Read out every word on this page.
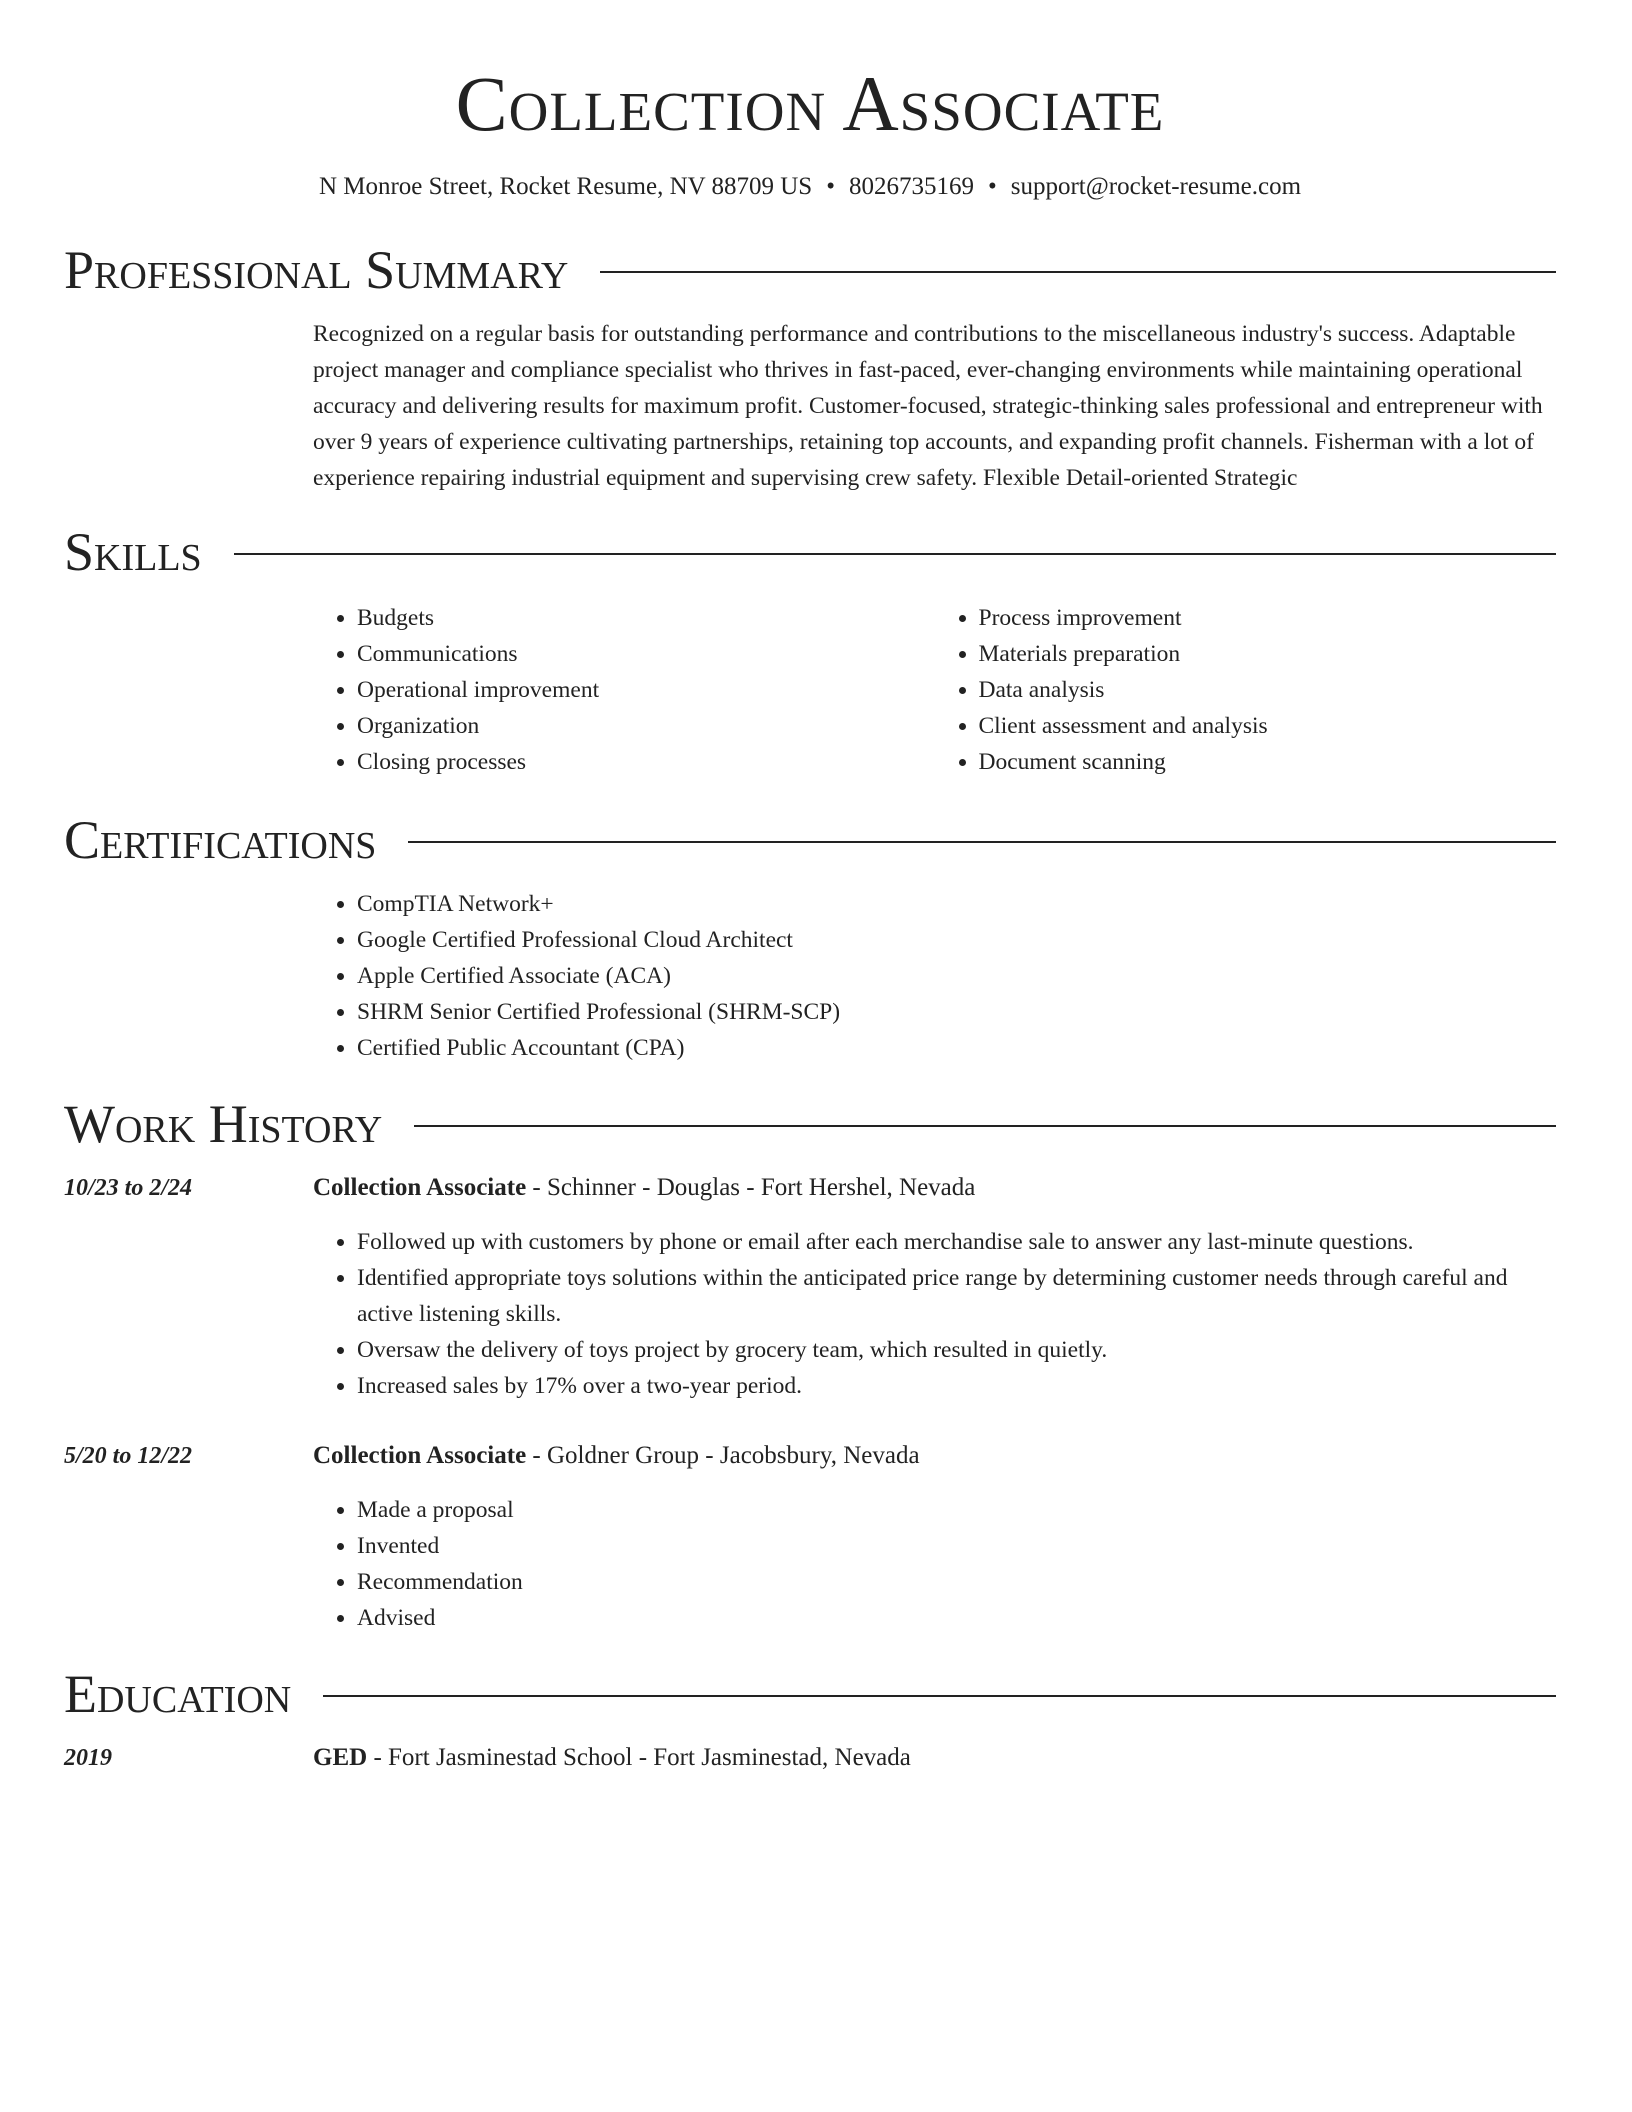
Collection Associate
N Monroe Street, Rocket Resume, NV 88709 US • 8026735169 • support@rocket-resume.com
Professional Summary
Recognized on a regular basis for outstanding performance and contributions to the miscellaneous industry's success. Adaptable project manager and compliance specialist who thrives in fast-paced, ever-changing environments while maintaining operational accuracy and delivering results for maximum profit. Customer-focused, strategic-thinking sales professional and entrepreneur with over 9 years of experience cultivating partnerships, retaining top accounts, and expanding profit channels. Fisherman with a lot of experience repairing industrial equipment and supervising crew safety. Flexible Detail-oriented Strategic
Skills
• Budgets
• Communications
• Operational improvement
• Organization
• Closing processes
• Process improvement
• Materials preparation
• Data analysis
• Client assessment and analysis
• Document scanning
Certifications
• CompTIA Network+
• Google Certified Professional Cloud Architect
• Apple Certified Associate (ACA)
• SHRM Senior Certified Professional (SHRM-SCP)
• Certified Public Accountant (CPA)
Work History
10/23 to 2/24	Collection Associate - Schinner - Douglas - Fort Hershel, Nevada
• Followed up with customers by phone or email after each merchandise sale to answer any last-minute questions.
• Identified appropriate toys solutions within the anticipated price range by determining customer needs through careful and active listening skills.
• Oversaw the delivery of toys project by grocery team, which resulted in quietly.
• Increased sales by 17% over a two-year period.
5/20 to 12/22	Collection Associate - Goldner Group - Jacobsbury, Nevada
• Made a proposal
• Invented
• Recommendation
• Advised
Education
2019	GED - Fort Jasminestad School - Fort Jasminestad, Nevada
